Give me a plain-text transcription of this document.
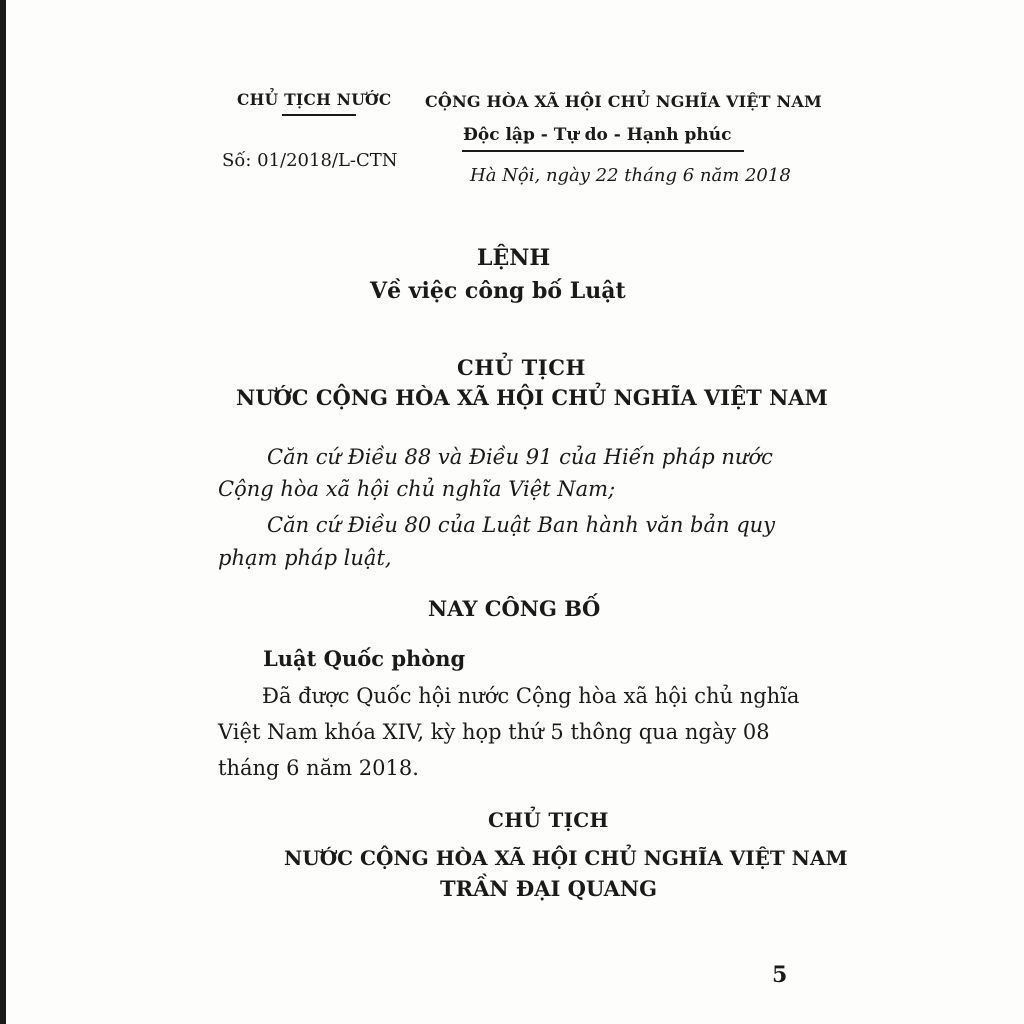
CHỦ TỊCH NƯỚC
Số: 01/2018/L-CTN
CỘNG HÒA XÃ HỘI CHỦ NGHĨA VIỆT NAM
Độc lập - Tự do - Hạnh phúc
Hà Nội, ngày 22 tháng 6 năm 2018
LỆNH
Về việc công bố Luật
CHỦ TỊCH
NƯỚC CỘNG HÒA XÃ HỘI CHỦ NGHĨA VIỆT NAM
Căn cứ Điều 88 và Điều 91 của Hiến pháp nước
Cộng hòa xã hội chủ nghĩa Việt Nam;
Căn cứ Điều 80 của Luật Ban hành văn bản quy
phạm pháp luật,
NAY CÔNG BỐ
Luật Quốc phòng
Đã được Quốc hội nước Cộng hòa xã hội chủ nghĩa
Việt Nam khóa XIV, kỳ họp thứ 5 thông qua ngày 08
tháng 6 năm 2018.
CHỦ TỊCH
NƯỚC CỘNG HÒA XÃ HỘI CHỦ NGHĨA VIỆT NAM
TRẦN ĐẠI QUANG
5
